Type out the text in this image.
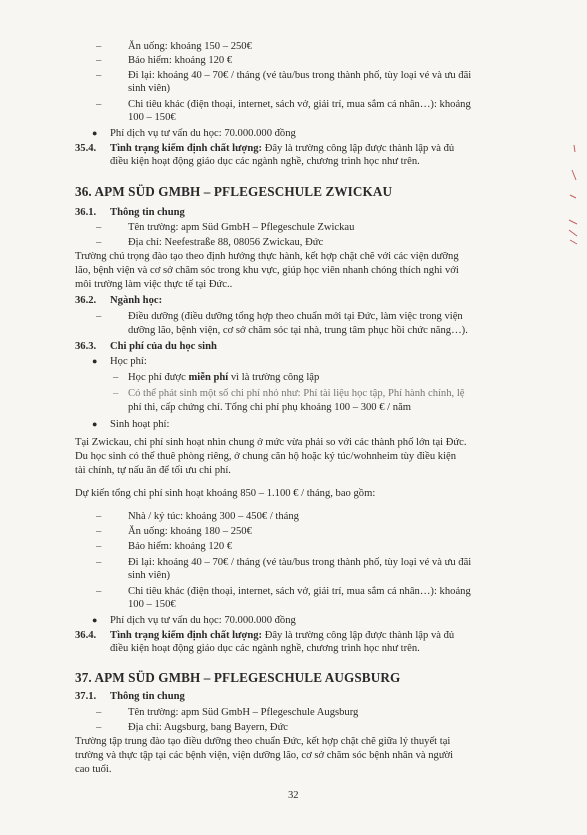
–	Ăn uống: khoảng 150 – 250€
–	Bảo hiểm: khoảng 120 €
–	Đi lại: khoảng 40 – 70€ / tháng (vé tàu/bus trong thành phố, tùy loại vé và ưu đãi
sinh viên)
–	Chi tiêu khác (điện thoại, internet, sách vở, giải trí, mua sắm cá nhân…): khoảng
100 – 150€
● Phí dịch vụ tư vấn du học: 70.000.000 đồng
35.4. Tình trạng kiểm định chất lượng: Đây là trường công lập được thành lập và đủ
điều kiện hoạt động giáo dục các ngành nghề, chương trình học như trên.
36. APM SÜD GMBH – PFLEGESCHULE ZWICKAU
36.1. Thông tin chung
–	Tên trường: apm Süd GmbH – Pflegeschule Zwickau
–	Địa chỉ: Neefestraße 88, 08056 Zwickau, Đức
Trường chú trọng đào tạo theo định hướng thực hành, kết hợp chặt chẽ với các viện dưỡng
lão, bệnh viện và cơ sở chăm sóc trong khu vực, giúp học viên nhanh chóng thích nghi với
môi trường làm việc thực tế tại Đức..
36.2. Ngành học:
–	Điều dưỡng (điều dưỡng tổng hợp theo chuẩn mới tại Đức, làm việc trong viện
dưỡng lão, bệnh viện, cơ sở chăm sóc tại nhà, trung tâm phục hồi chức năng…).
36.3. Chi phí của du học sinh
● Học phí:
– Học phí được miễn phí vì là trường công lập
– Có thể phát sinh một số chi phí nhỏ như: Phí tài liệu học tập, Phí hành chính, lệ
phí thi, cấp chứng chỉ. Tổng chi phí phụ khoảng 100 – 300 € / năm
● Sinh hoạt phí:
Tại Zwickau, chi phí sinh hoạt nhìn chung ở mức vừa phải so với các thành phố lớn tại Đức.
Du học sinh có thể thuê phòng riêng, ở chung căn hộ hoặc ký túc/wohnheim tùy điều kiện
tài chính, tự nấu ăn để tối ưu chi phí.
Dự kiến tổng chi phí sinh hoạt khoảng 850 – 1.100 € / tháng, bao gồm:
–	Nhà / ký túc: khoảng 300 – 450€ / tháng
–	Ăn uống: khoảng 180 – 250€
–	Bảo hiểm: khoảng 120 €
–	Đi lại: khoảng 40 – 70€ / tháng (vé tàu/bus trong thành phố, tùy loại vé và ưu đãi
sinh viên)
–	Chi tiêu khác (điện thoại, internet, sách vở, giải trí, mua sắm cá nhân…): khoảng
100 – 150€
● Phí dịch vụ tư vấn du học: 70.000.000 đồng
36.4. Tình trạng kiểm định chất lượng: Đây là trường công lập được thành lập và đủ
điều kiện hoạt động giáo dục các ngành nghề, chương trình học như trên.
37. APM SÜD GMBH – PFLEGESCHULE AUGSBURG
37.1. Thông tin chung
–	Tên trường: apm Süd GmbH – Pflegeschule Augsburg
–	Địa chỉ: Augsburg, bang Bayern, Đức
Trường tập trung đào tạo điều dưỡng theo chuẩn Đức, kết hợp chặt chẽ giữa lý thuyết tại
trường và thực tập tại các bệnh viện, viện dưỡng lão, cơ sở chăm sóc bệnh nhân và người
cao tuổi.
32
